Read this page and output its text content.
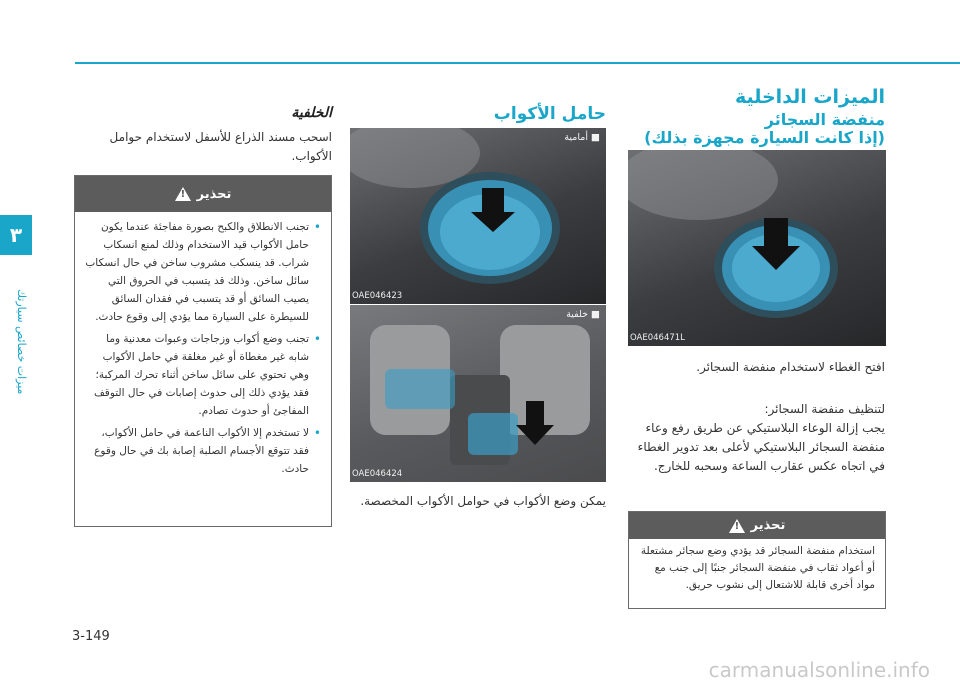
٣
ميزات خصائص سيارتك
الميزات الداخلية
منفضة السجائر
(إذا كانت السيارة مجهزة بذلك)
OAE046471L
افتح الغطاء لاستخدام منفضة السجائر.
لتنظيف منفضة السجائر:
يجب إزالة الوعاء البلاستيكي عن طريق رفع وعاء منفضة السجائر البلاستيكي لأعلى بعد تدوير الغطاء في اتجاه عكس عقارب الساعة وسحبه للخارج.
تحذير
!
استخدام منفضة السجائر قد يؤدي وضع سجائر مشتعلة أو أعواد ثقاب في منفضة السجائر جنبًا إلى جنب مع مواد أخرى قابلة للاشتعال إلى نشوب حريق.
حامل الأكواب
■ أمامية
OAE046423
■ خلفية
OAE046424
يمكن وضع الأكواب في حوامل الأكواب المخصصة.
الخلفية
اسحب مسند الذراع للأسفل لاستخدام حوامل الأكواب.
تحذير
!
• تجنب الانطلاق والكبح بصورة مفاجئة عندما يكون حامل الأكواب قيد الاستخدام وذلك لمنع انسكاب شراب. قد ينسكب مشروب ساخن في حال انسكاب سائل ساخن. وذلك قد يتسبب في الحروق التي يصيب السائق أو قد يتسبب في فقدان السائق للسيطرة على السيارة مما يؤدي إلى وقوع حادث.
• تجنب وضع أكواب وزجاجات وعبوات معدنية وما شابه غير مغطاة أو غير مغلقة في حامل الأكواب وهي تحتوي على سائل ساخن أثناء تحرك المركبة؛ فقد يؤدي ذلك إلى حدوث إصابات في حال التوقف المفاجئ أو حدوث تصادم.
• لا تستخدم إلا الأكواب الناعمة في حامل الأكواب، فقد تتوقع الأجسام الصلبة إصابة بك في حال وقوع حادث.
3-149
carmanualsonline.info
